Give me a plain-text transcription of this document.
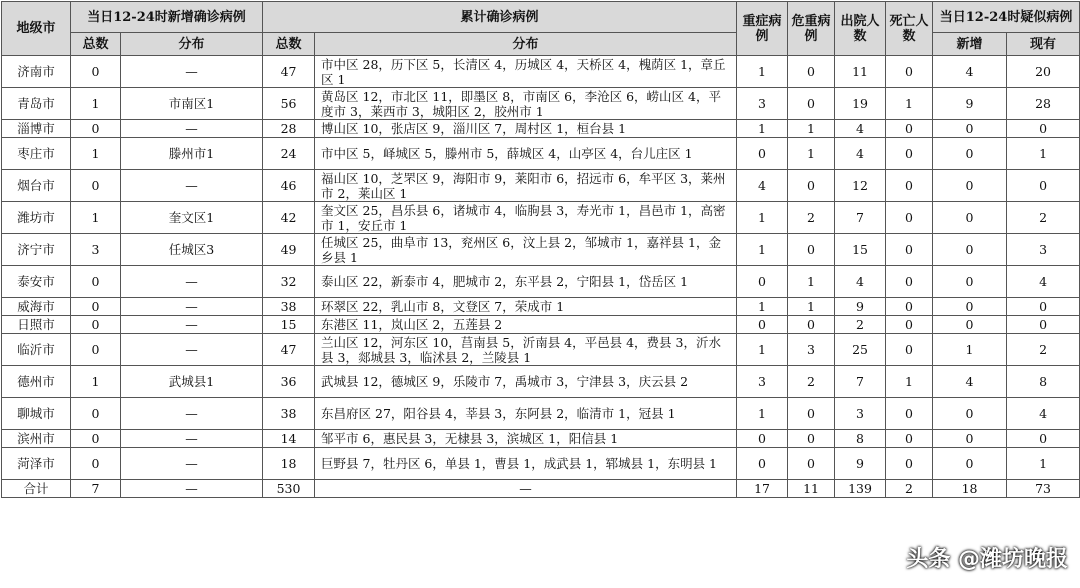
地级市	当日12-24时新增确诊病例		累计确诊病例		重症病例	危重病例	出院人数	死亡人数	当日12-24时疑似病例	
	总数	分布	总数	分布					新增	现有
济南市	0	—	47	市中区 28，历下区 5，长清区 4，历城区 4，天桥区 4，槐荫区 1，章丘区 1	1	0	11	0	4	20
青岛市	1	市南区1	56	黄岛区 12，市北区 11，即墨区 8，市南区 6，李沧区 6，崂山区 4，平度市 3，莱西市 3，城阳区 2，胶州市 1	3	0	19	1	9	28
淄博市	0	—	28	博山区 10，张店区 9，淄川区 7，周村区 1，桓台县 1	1	1	4	0	0	0
枣庄市	1	滕州市1	24	市中区 5，峄城区 5，滕州市 5，薛城区 4，山亭区 4，台儿庄区 1	0	1	4	0	0	1
烟台市	0	—	46	福山区 10，芝罘区 9，海阳市 9，莱阳市 6，招远市 6，牟平区 3，莱州市 2，莱山区 1	4	0	12	0	0	0
潍坊市	1	奎文区1	42	奎文区 25，昌乐县 6，诸城市 4，临朐县 3，寿光市 1，昌邑市 1，高密市 1，安丘市 1	1	2	7	0	0	2
济宁市	3	任城区3	49	任城区 25，曲阜市 13，兖州区 6，汶上县 2，邹城市 1，嘉祥县 1，金乡县 1	1	0	15	0	0	3
泰安市	0	—	32	泰山区 22，新泰市 4，肥城市 2，东平县 2，宁阳县 1，岱岳区 1	0	1	4	0	0	4
威海市	0	—	38	环翠区 22，乳山市 8，文登区 7，荣成市 1	1	1	9	0	0	0
日照市	0	—	15	东港区 11，岚山区 2，五莲县 2	0	0	2	0	0	0
临沂市	0	—	47	兰山区 12，河东区 10，莒南县 5，沂南县 4，平邑县 4，费县 3，沂水县 3，郯城县 3，临沭县 2，兰陵县 1	1	3	25	0	1	2
德州市	1	武城县1	36	武城县 12，德城区 9，乐陵市 7，禹城市 3，宁津县 3，庆云县 2	3	2	7	1	4	8
聊城市	0	—	38	东昌府区 27，阳谷县 4，莘县 3，东阿县 2，临清市 1，冠县 1	1	0	3	0	0	4
滨州市	0	—	14	邹平市 6，惠民县 3，无棣县 3，滨城区 1，阳信县 1	0	0	8	0	0	0
菏泽市	0	—	18	巨野县 7，牡丹区 6，单县 1，曹县 1，成武县 1，郓城县 1，东明县 1	0	0	9	0	0	1
合计	7	—	530	—	17	11	139	2	18	73
头条 @潍坊晚报
